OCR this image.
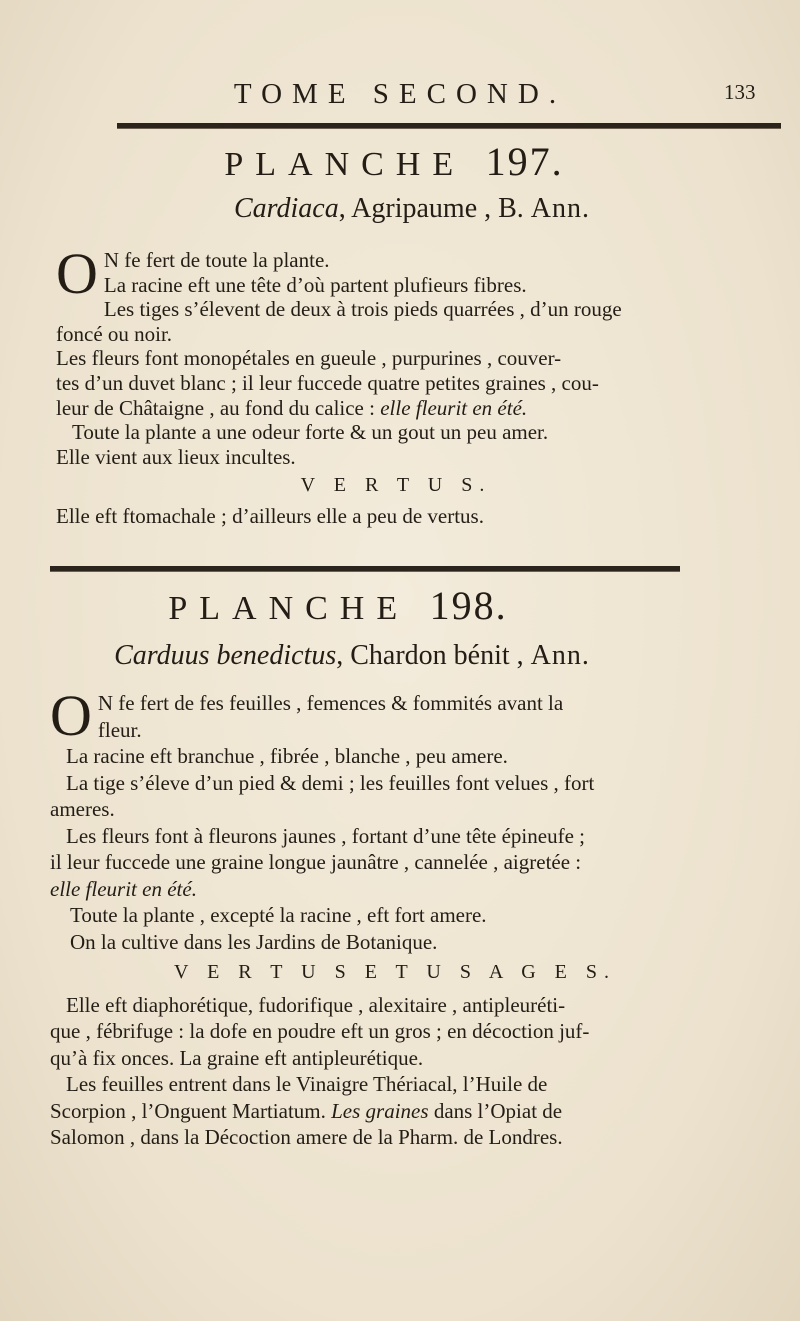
TOME SECOND.	133
PLANCHE 197.
Cardiaca, Agripaume , B. Ann.
O N fe fert de toute la plante.
La racine eft une tête d’où partent plufieurs fibres.
Les tiges s’élevent de deux à trois pieds quarrées , d’un rouge
foncé ou noir.
Les fleurs font monopétales en gueule , purpurines , couver-
tes d’un duvet blanc ; il leur fuccede quatre petites graines , cou-
leur de Châtaigne , au fond du calice : elle fleurit en été.
Toute la plante a une odeur forte & un gout un peu amer.
Elle vient aux lieux incultes.
V E R T U S.
Elle eft ftomachale ; d’ailleurs elle a peu de vertus.
PLANCHE 198.
Carduus benedictus, Chardon bénit , Ann.
O N fe fert de fes feuilles , femences & fommités avant la
fleur.
La racine eft branchue , fibrée , blanche , peu amere.
La tige s’éleve d’un pied & demi ; les feuilles font velues , fort
ameres.
Les fleurs font à fleurons jaunes , fortant d’une tête épineufe ;
il leur fuccede une graine longue jaunâtre , cannelée , aigretée :
elle fleurit en été.
Toute la plante , excepté la racine , eft fort amere.
On la cultive dans les Jardins de Botanique.
V E R T U S E T U S A G E S.
Elle eft diaphorétique, fudorifique , alexitaire , antipleuréti-
que , fébrifuge : la dofe en poudre eft un gros ; en décoction juf-
qu’à fix onces. La graine eft antipleurétique.
Les feuilles entrent dans le Vinaigre Thériacal, l’Huile de
Scorpion , l’Onguent Martiatum. Les graines dans l’Opiat de
Salomon , dans la Décoction amere de la Pharm. de Londres.
